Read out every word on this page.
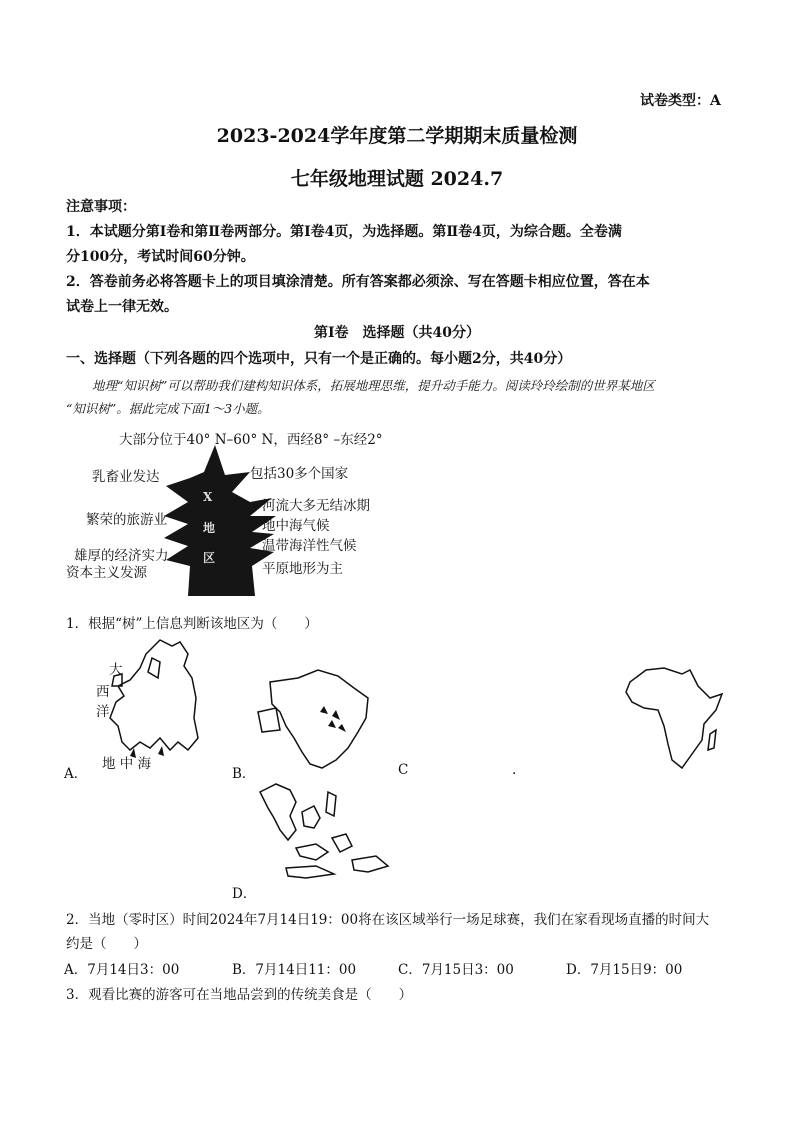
试卷类型：A
2023-2024学年度第二学期期末质量检测
七年级地理试题 2024.7
注意事项：
1．本试题分第Ⅰ卷和第Ⅱ卷两部分。第Ⅰ卷4页，为选择题。第Ⅱ卷4页，为综合题。全卷满
分100分，考试时间60分钟。
2．答卷前务必将答题卡上的项目填涂清楚。所有答案都必须涂、写在答题卡相应位置，答在本
试卷上一律无效。
第Ⅰ卷　选择题（共40分）
一、选择题（下列各题的四个选项中，只有一个是正确的。每小题2分，共40分）
地理“知识树”可以帮助我们建构知识体系，拓展地理思维，提升动手能力。阅读玲玲绘制的世界某地区
“知识树”。据此完成下面1～3小题。
大部分位于40° N–60° N，西经8° –东经2°
乳畜业发达
繁荣的旅游业
雄厚的经济实力
资本主义发源
包括30多个国家
河流大多无结冰期
地中海气候
温带海洋性气候
平原地形为主
X
地
区
1．根据“树”上信息判断该地区为（　　）
大
西
洋
地 中 海
A．	B．	C	.
D．
2．当地（零时区）时间2024年7月14日19：00将在该区域举行一场足球赛，我们在家看现场直播的时间大
约是（　　）
A．7月14日3：00	B．7月14日11：00	C．7月15日3：00	D．7月15日9：00
3．观看比赛的游客可在当地品尝到的传统美食是（　　）
